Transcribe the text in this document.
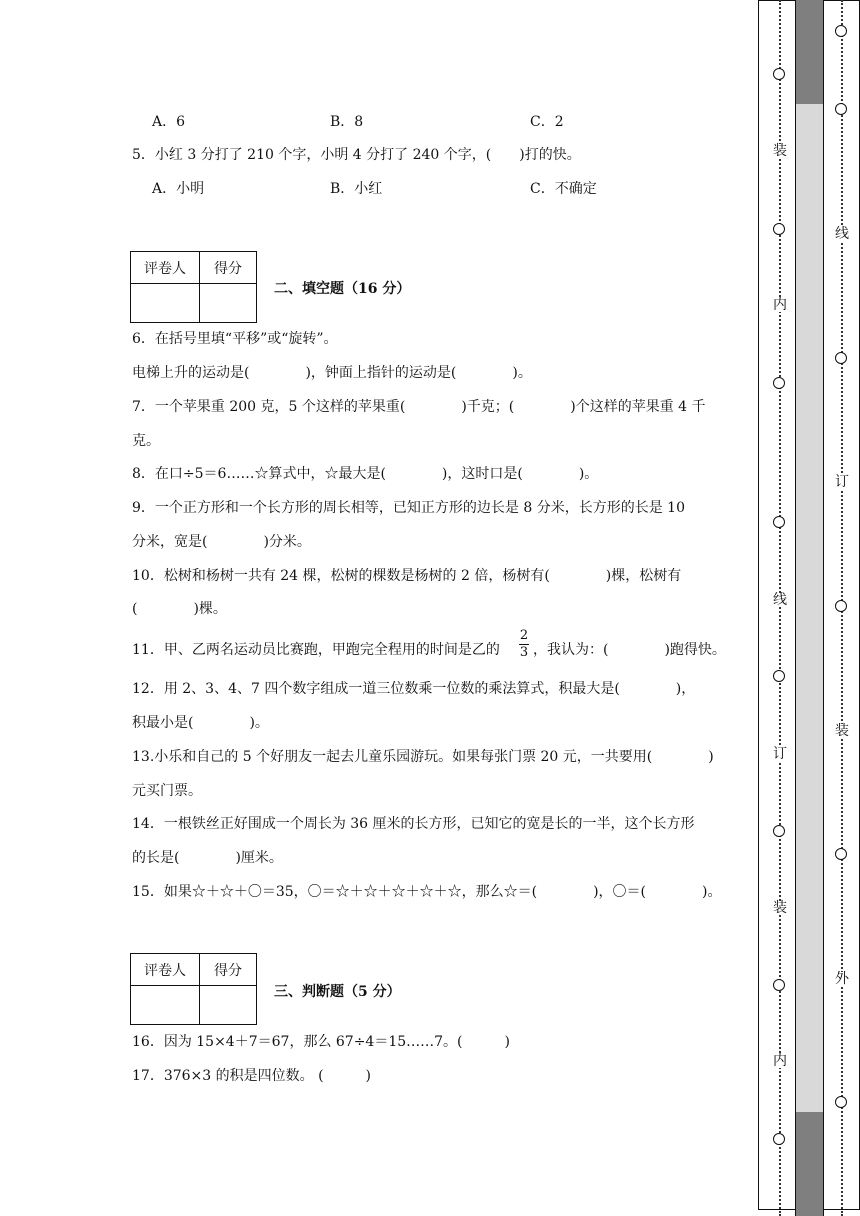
A．6	B．8	C．2
5．小红 3 分打了 210 个字，小明 4 分打了 240 个字，(　　)打的快。
A．小明	B．小红	C．不确定
评卷人	得分

二、填空题（16 分）
6．在括号里填“平移”或“旋转”。
电梯上升的运动是(　　　　)，钟面上指针的运动是(　　　　)。
7．一个苹果重 200 克，5 个这样的苹果重(　　　　)千克；(　　　　)个这样的苹果重 4 千
克。
8．在口÷5＝6……☆算式中，☆最大是(　　　　)，这时口是(　　　　)。
9．一个正方形和一个长方形的周长相等，已知正方形的边长是 8 分米，长方形的长是 10
分米，宽是(　　　　)分米。
10．松树和杨树一共有 24 棵，松树的棵数是杨树的 2 倍，杨树有(　　　　)棵，松树有
(　　　　)棵。
11．甲、乙两名运动员比赛跑，甲跑完全程用的时间是乙的
2
3 ，我认为：(　　　　)跑得快。
12．用 2、3、4、7 四个数字组成一道三位数乘一位数的乘法算式，积最大是(　　　　)，
积最小是(　　　　)。
13.小乐和自己的 5 个好朋友一起去儿童乐园游玩。如果每张门票 20 元，一共要用(　　　　)
元买门票。
14．一根铁丝正好围成一个周长为 36 厘米的长方形，已知它的宽是长的一半，这个长方形
的长是(　　　　)厘米。
15．如果☆＋☆＋〇＝35，〇＝☆＋☆＋☆＋☆＋☆，那么☆＝(　　　　)，〇＝(　　　　)。
评卷人	得分

三、判断题（5 分）
16．因为 15×4＋7＝67，那么 67÷4＝15……7。(　　　)
17．376×3 的积是四位数。 (　　　)
装
内
线
订
装
内
线
订
装
外
